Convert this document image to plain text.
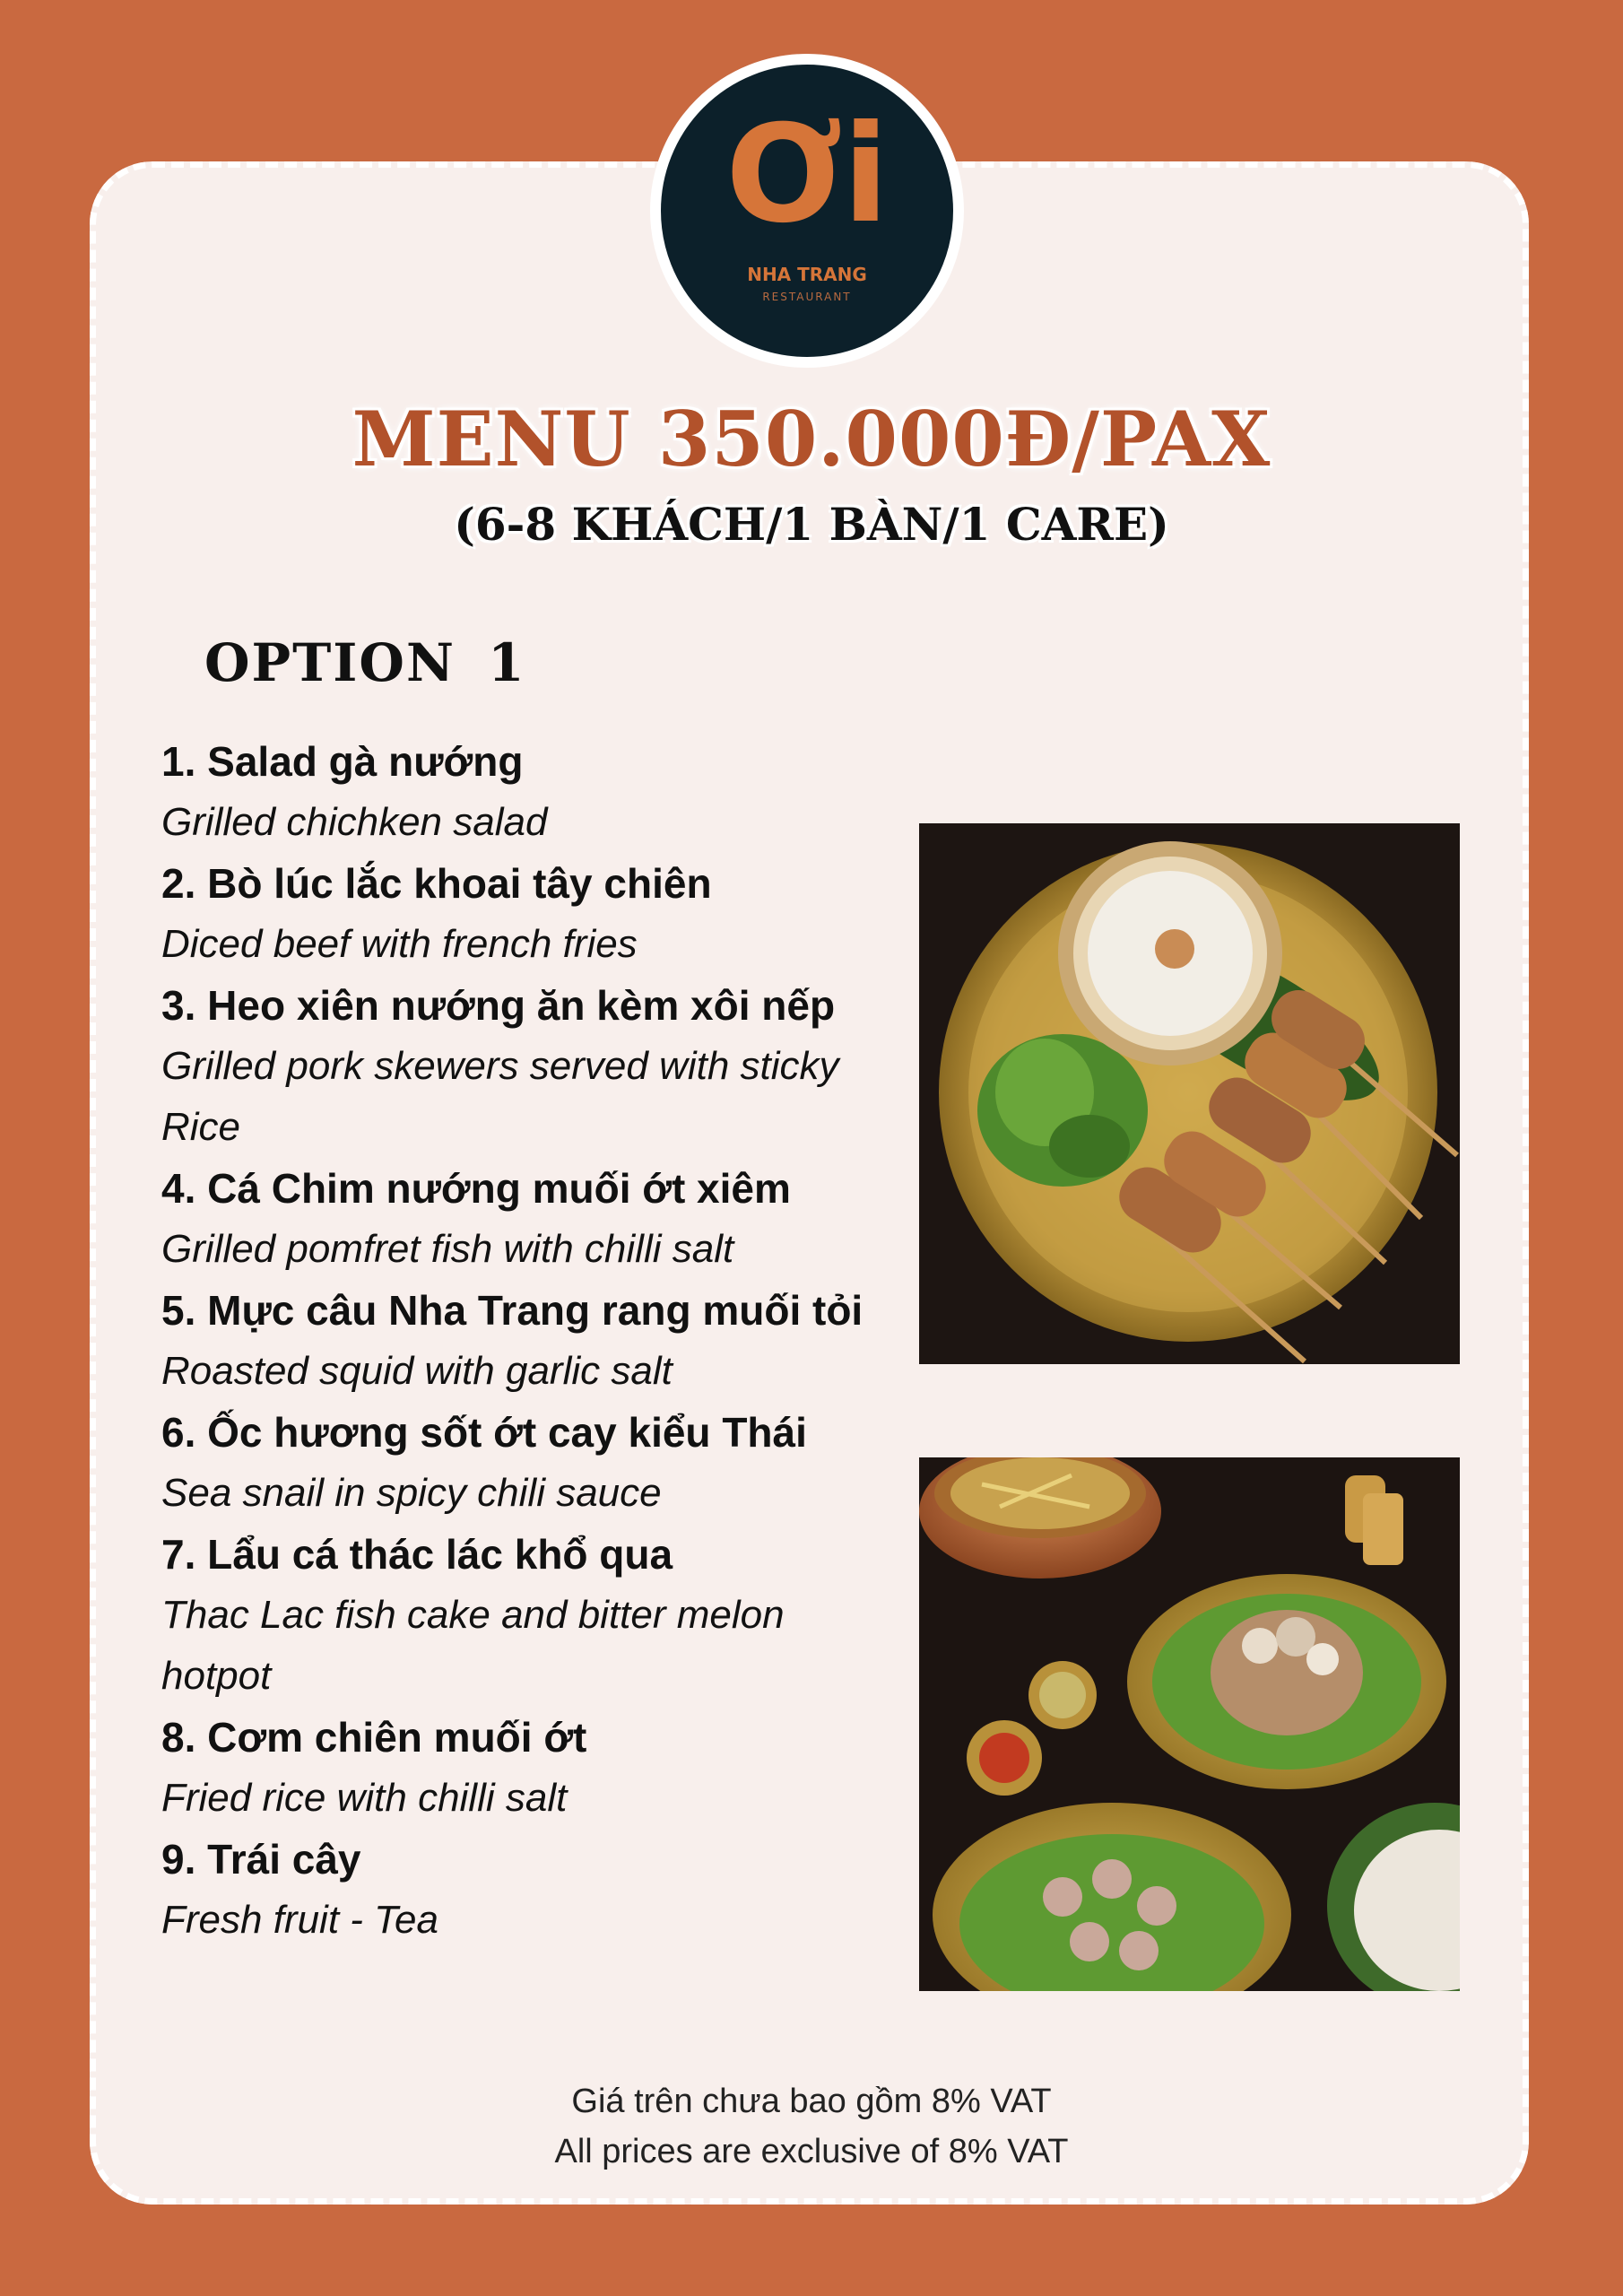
Ơi
NHA TRANG
RESTAURANT
MENU 350.000Đ/PAX
(6-8 KHÁCH/1 BÀN/1 CARE)
OPTION 1
1. Salad gà nướng
Grilled chichken salad
2. Bò lúc lắc khoai tây chiên
Diced beef with french fries
3. Heo xiên nướng ăn kèm xôi nếp
Grilled pork skewers served with sticky Rice
4. Cá Chim nướng muối ớt xiêm
Grilled pomfret fish with chilli salt
5. Mực câu Nha Trang rang muối tỏi
Roasted squid with garlic salt
6. Ốc hương sốt ớt cay kiểu Thái
Sea snail in spicy chili sauce
7. Lẩu cá thác lác khổ qua
Thac Lac fish cake and bitter melon hotpot
8. Cơm chiên muối ớt
Fried rice with chilli salt
9. Trái cây
Fresh fruit - Tea
Giá trên chưa bao gồm 8% VAT
All prices are exclusive of 8% VAT
